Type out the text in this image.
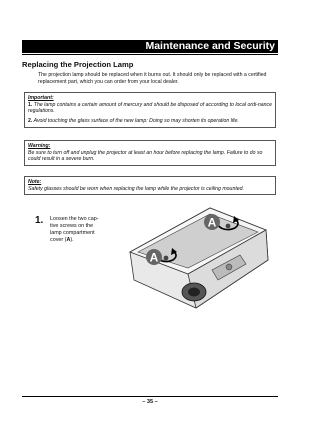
Maintenance and Security
Replacing the Projection Lamp
The projection lamp should be replaced when it burns out. It should only be replaced with a certified replacement part, which you can order from your local dealer.
Important:

1. The lamp contains a certain amount of mercury and should be disposed of according to local ordi-nance regulations.

2. Avoid touching the glass surface of the new lamp: Doing so may shorten its operation life.

Warning:

Be sure to turn off and unplug the projector at least an hour before replacing the lamp. Failure to do so could result in a severe burn.

Note:

Safety glasses should be worn when replacing the lamp while the projector is ceiling mounted.

1. Loosen the two cap-tive screws on the lamp compartment cover (A).
A
A
– 35 –
